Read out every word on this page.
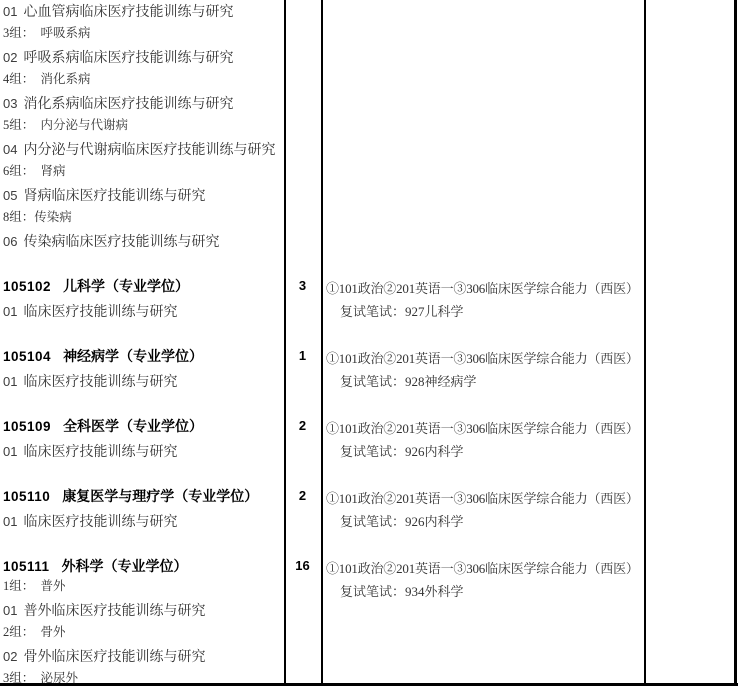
01 心血管病临床医疗技能训练与研究
3组：　呼吸系病
02 呼吸系病临床医疗技能训练与研究
4组：　消化系病
03 消化系病临床医疗技能训练与研究
5组：　内分泌与代谢病
04 内分泌与代谢病临床医疗技能训练与研究
6组：　肾病
05 肾病临床医疗技能训练与研究
8组：传染病
06 传染病临床医疗技能训练与研究
105102 儿科学（专业学位）
01 临床医疗技能训练与研究
3	①101政治②201英语一③306临床医学综合能力（西医）
复试笔试：927儿科学
105104 神经病学（专业学位）
01 临床医疗技能训练与研究
1	①101政治②201英语一③306临床医学综合能力（西医）
复试笔试：928神经病学
105109 全科医学（专业学位）
01 临床医疗技能训练与研究
2	①101政治②201英语一③306临床医学综合能力（西医）
复试笔试：926内科学
105110 康复医学与理疗学（专业学位）
01 临床医疗技能训练与研究
2	①101政治②201英语一③306临床医学综合能力（西医）
复试笔试：926内科学
105111 外科学（专业学位）
1组：　普外
01 普外临床医疗技能训练与研究
2组：　骨外
02 骨外临床医疗技能训练与研究
3组：　泌尿外
16	①101政治②201英语一③306临床医学综合能力（西医）
复试笔试：934外科学
